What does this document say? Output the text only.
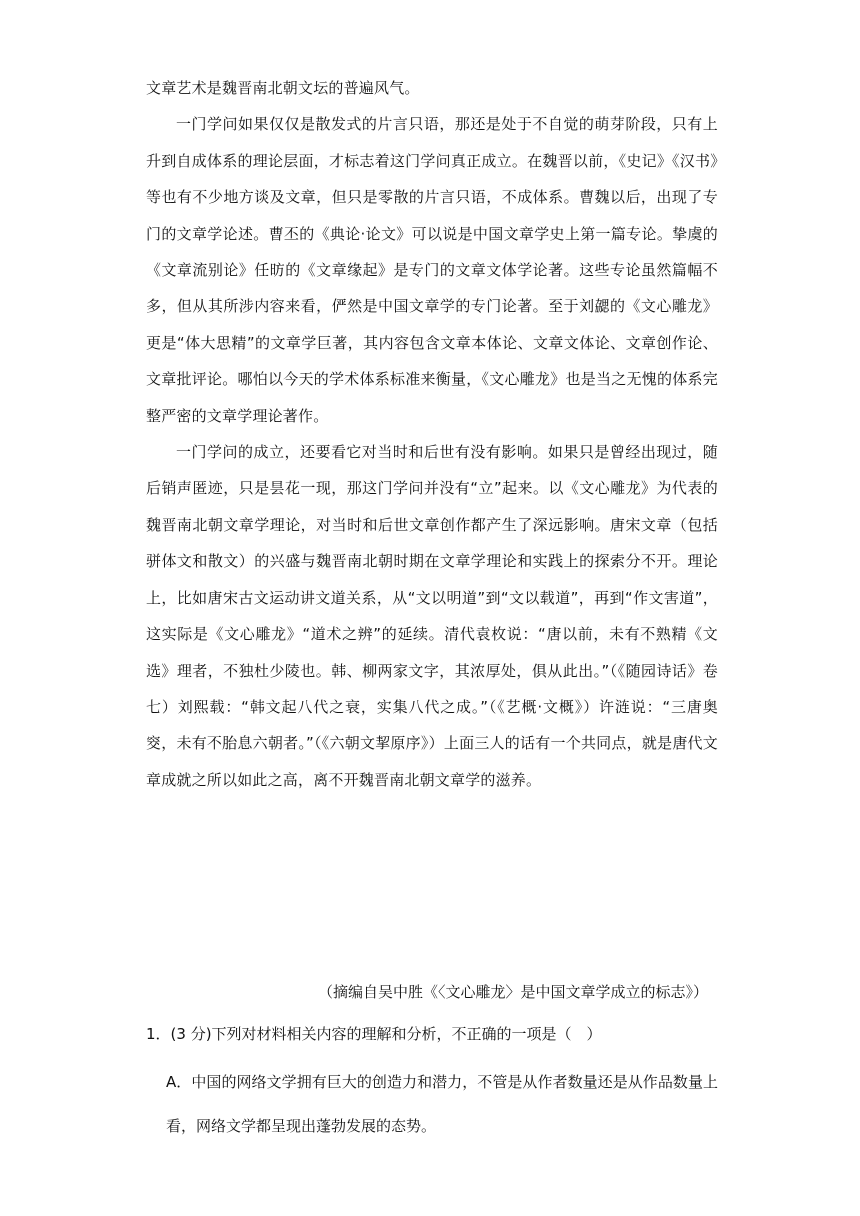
文章艺术是魏晋南北朝文坛的普遍风气。

一门学问如果仅仅是散发式的片言只语，那还是处于不自觉的萌芽阶段，只有上升到自成体系的理论层面，才标志着这门学问真正成立。在魏晋以前，《史记》《汉书》等也有不少地方谈及文章，但只是零散的片言只语，不成体系。曹魏以后，出现了专门的文章学论述。曹丕的《典论·论文》可以说是中国文章学史上第一篇专论。挚虞的《文章流别论》任昉的《文章缘起》是专门的文章文体学论著。这些专论虽然篇幅不多，但从其所涉内容来看，俨然是中国文章学的专门论著。至于刘勰的《文心雕龙》更是“体大思精”的文章学巨著，其内容包含文章本体论、文章文体论、文章创作论、文章批评论。哪怕以今天的学术体系标准来衡量，《文心雕龙》也是当之无愧的体系完整严密的文章学理论著作。

一门学问的成立，还要看它对当时和后世有没有影响。如果只是曾经出现过，随后销声匿迹，只是昙花一现，那这门学问并没有“立”起来。以《文心雕龙》为代表的魏晋南北朝文章学理论，对当时和后世文章创作都产生了深远影响。唐宋文章（包括骈体文和散文）的兴盛与魏晋南北朝时期在文章学理论和实践上的探索分不开。理论上，比如唐宋古文运动讲文道关系，从“文以明道”到“文以载道”，再到“作文害道”，这实际是《文心雕龙》“道术之辨”的延续。清代袁枚说：“唐以前，未有不熟精《文选》理者，不独杜少陵也。韩、柳两家文字，其浓厚处，俱从此出。”（《随园诗话》卷七）刘熙载：“韩文起八代之衰，实集八代之成。”（《艺概·文概》）许涟说：“三唐奥窔，未有不胎息六朝者。”（《六朝文挈原序》）上面三人的话有一个共同点，就是唐代文章成就之所以如此之高，离不开魏晋南北朝文章学的滋养。

（摘编自吴中胜《〈文心雕龙〉是中国文章学成立的标志》）
1．(3 分)下列对材料相关内容的理解和分析，不正确的一项是（　）
A．中国的网络文学拥有巨大的创造力和潜力，不管是从作者数量还是从作品数量上看，网络文学都呈现出蓬勃发展的态势。
